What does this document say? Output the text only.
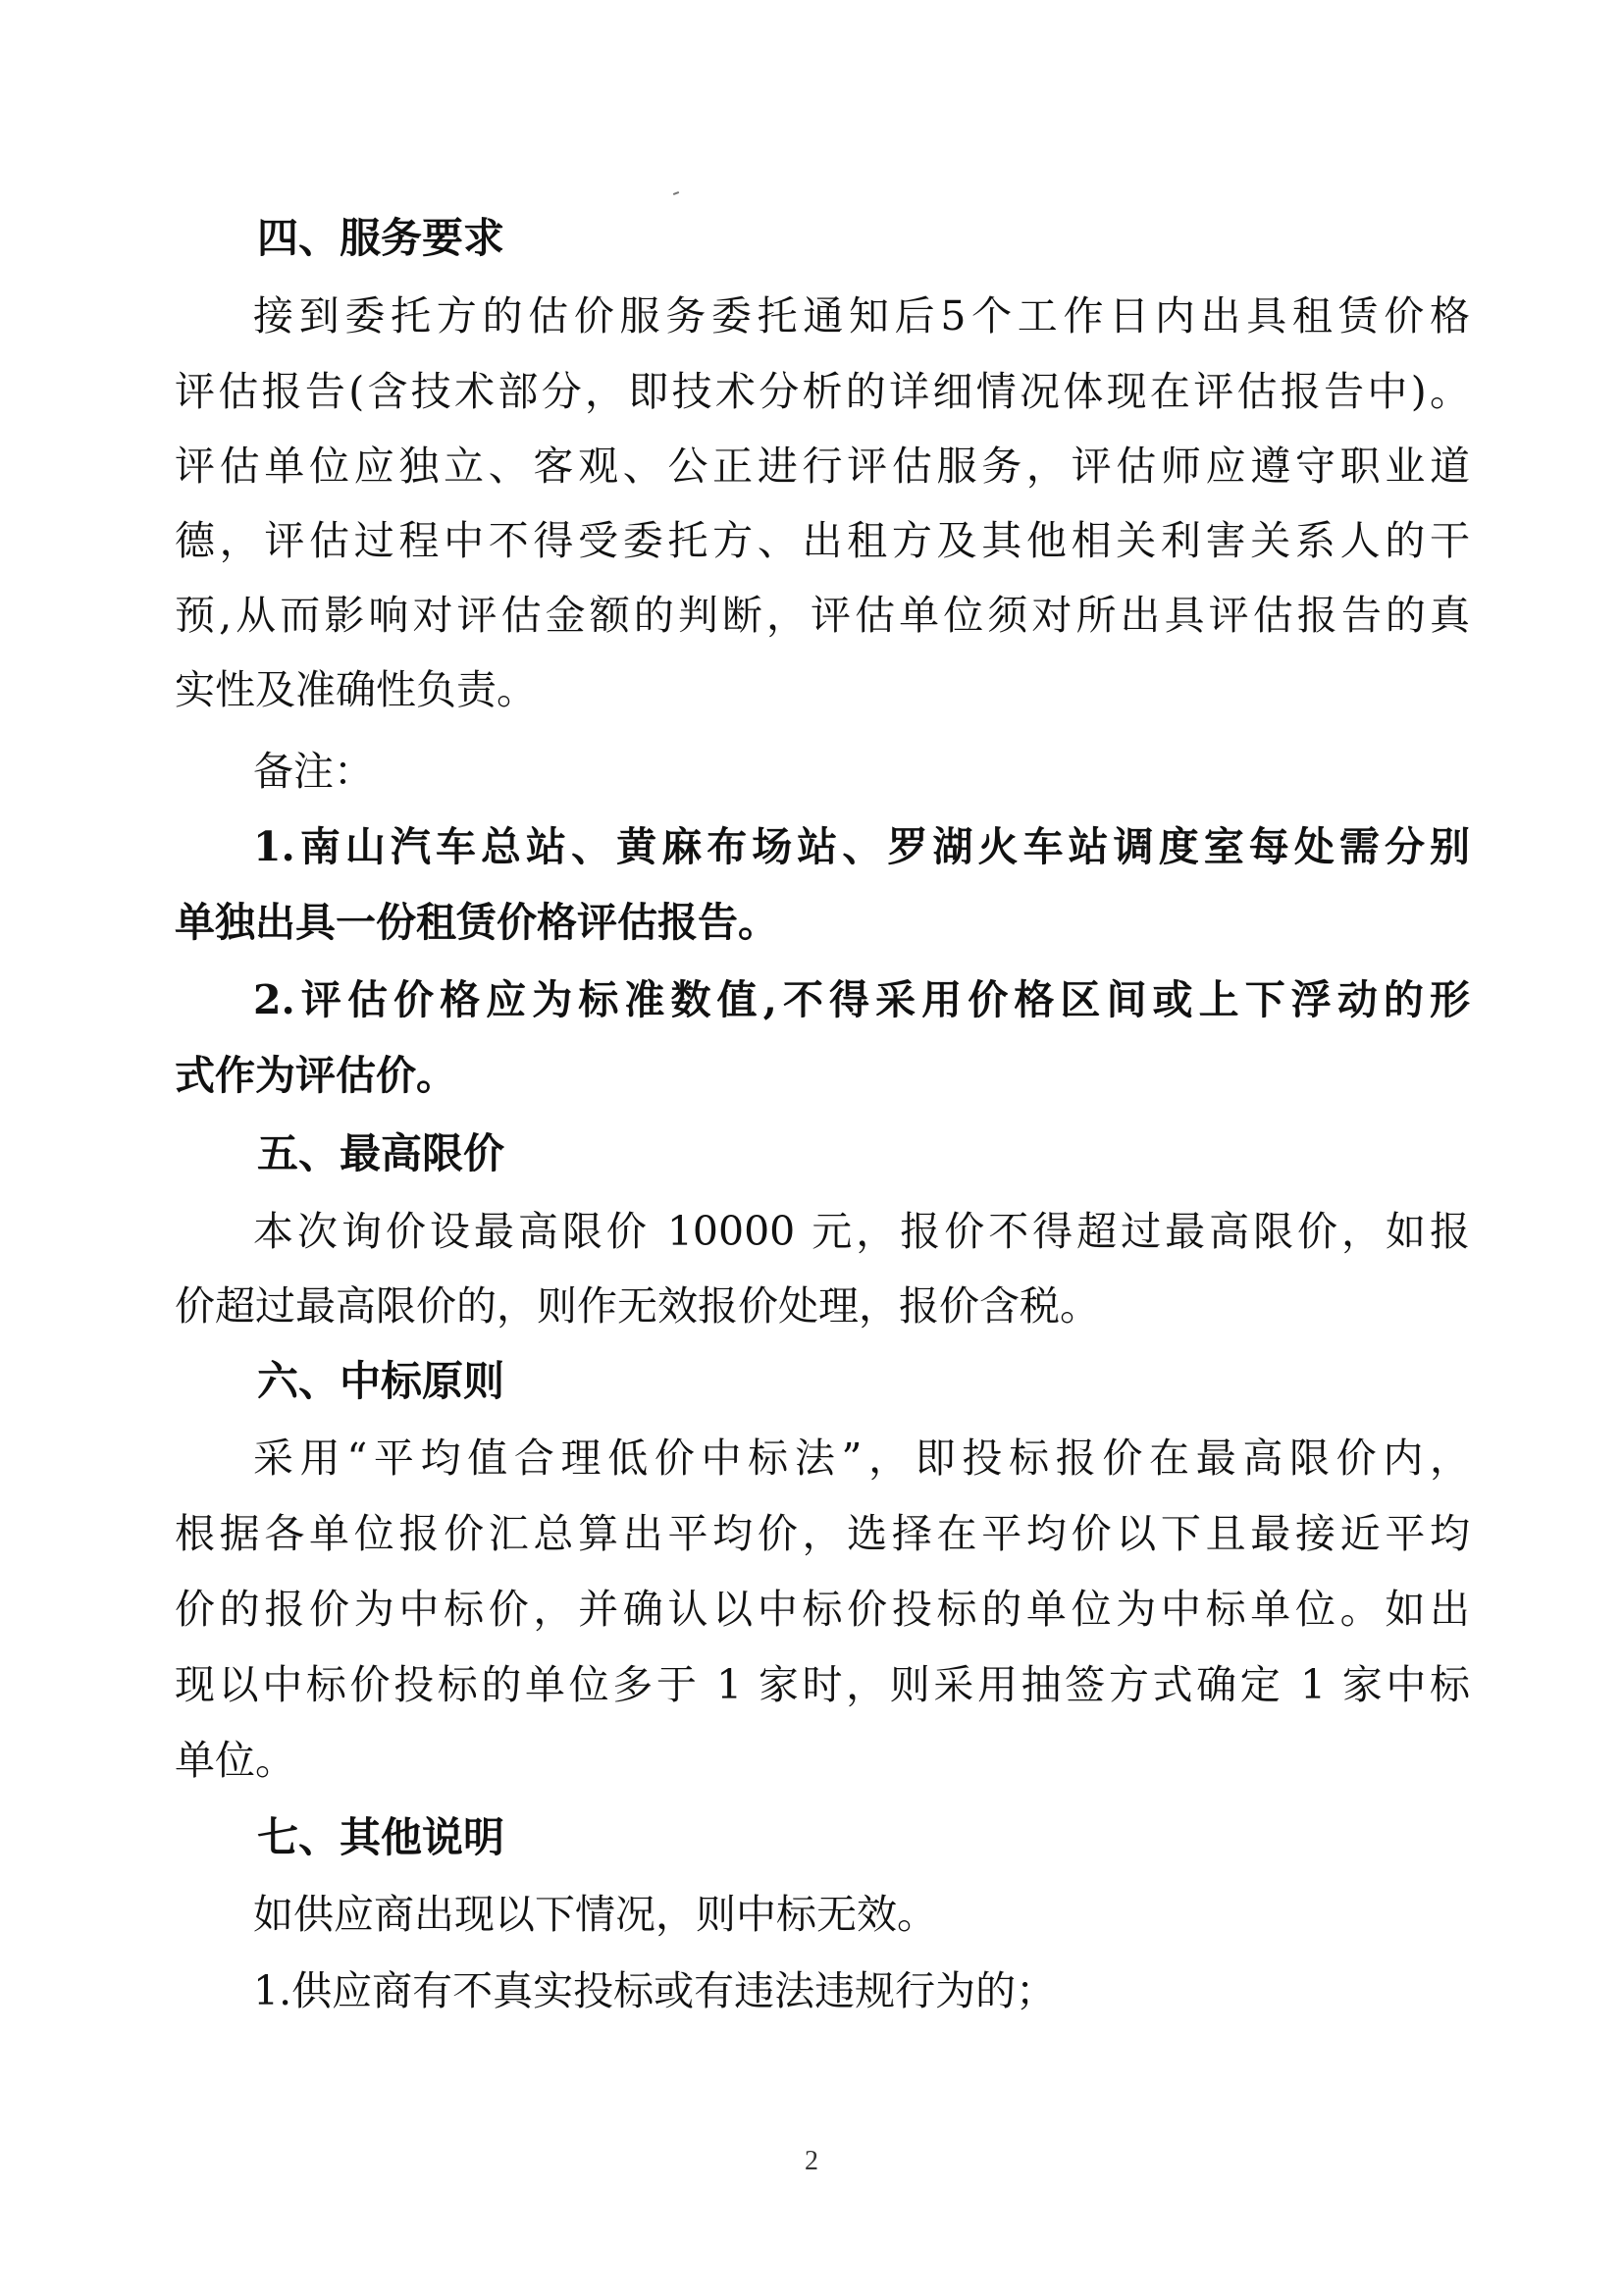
四、服务要求
接到委托方的估价服务委托通知后5个工作日内出具租赁价格
评估报告(含技术部分，即技术分析的详细情况体现在评估报告中)。
评估单位应独立、客观、公正进行评估服务，评估师应遵守职业道
德，评估过程中不得受委托方、出租方及其他相关利害关系人的干
预,从而影响对评估金额的判断，评估单位须对所出具评估报告的真
实性及准确性负责。
备注：
1.南山汽车总站、黄麻布场站、罗湖火车站调度室每处需分别
单独出具一份租赁价格评估报告。
2.评估价格应为标准数值,不得采用价格区间或上下浮动的形
式作为评估价。
五、最高限价
本次询价设最高限价 10000 元，报价不得超过最高限价，如报
价超过最高限价的，则作无效报价处理，报价含税。
六、中标原则
采用“平均值合理低价中标法”，即投标报价在最高限价内，
根据各单位报价汇总算出平均价，选择在平均价以下且最接近平均
价的报价为中标价，并确认以中标价投标的单位为中标单位。如出
现以中标价投标的单位多于 1 家时，则采用抽签方式确定 1 家中标
单位。
七、其他说明
如供应商出现以下情况，则中标无效。
1.供应商有不真实投标或有违法违规行为的；
2
